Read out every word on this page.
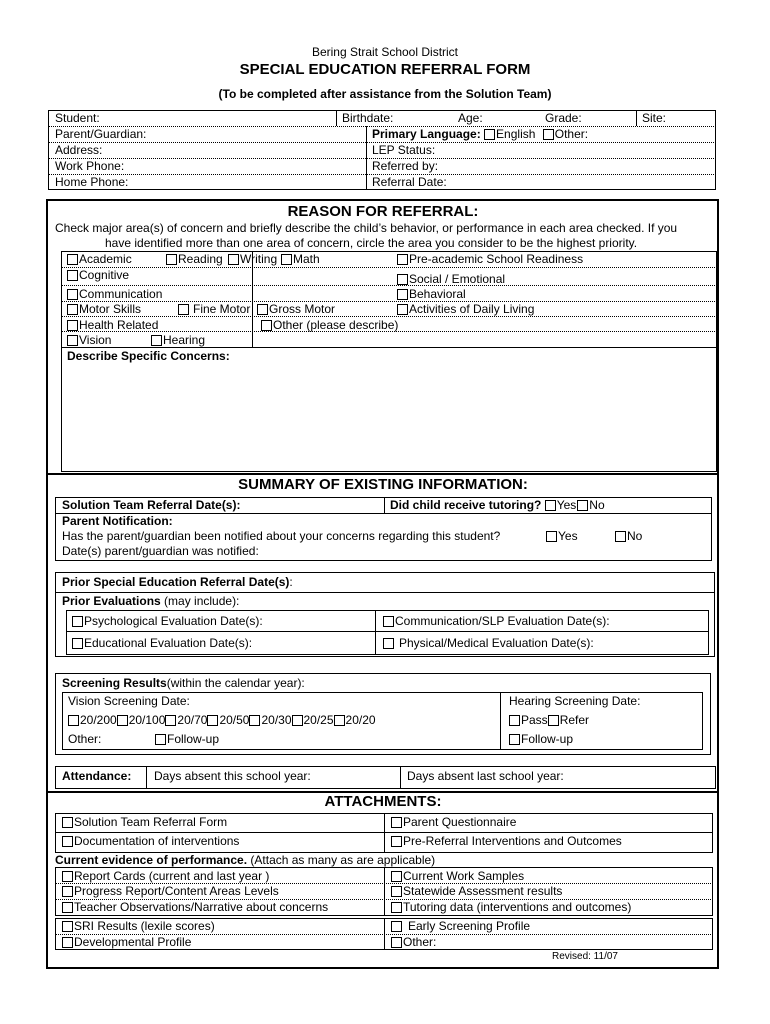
Bering Strait School District
SPECIAL EDUCATION REFERRAL FORM
(To be completed after assistance from the Solution Team)
Student:	Birthdate:	Age:	Grade:	Site:
Parent/Guardian:	Primary Language: English Other:
Address:	LEP Status:
Work Phone:	Referred by:
Home Phone:	Referral Date:
REASON FOR REFERRAL:
Check major area(s) of concern and briefly describe the child’s behavior, or performance in each area checked. If you
have identified more than one area of concern, circle the area you consider to be the highest priority.
Academic	Reading	Writing	Math	Pre-academic School Readiness
Cognitive	Social / Emotional
Communication	Behavioral
Motor Skills	Fine Motor	Gross Motor	Activities of Daily Living
Health Related	Other (please describe)
Vision	Hearing
Describe Specific Concerns:
SUMMARY OF EXISTING INFORMATION:
Solution Team Referral Date(s):	Did child receive tutoring? Yes No
Parent Notification:
Has the parent/guardian been notified about your concerns regarding this student?	Yes	No
Date(s) parent/guardian was notified:
Prior Special Education Referral Date(s):
Prior Evaluations (may include):
Psychological Evaluation Date(s):	Communication/SLP Evaluation Date(s):
Educational Evaluation Date(s):	Physical/Medical Evaluation Date(s):
Screening Results(within the calendar year):
Vision Screening Date:	Hearing Screening Date:
20/200 20/100 20/70 20/50 20/30 20/25 20/20	Pass Refer
Other:	Follow-up	Follow-up
Attendance: Days absent this school year:	Days absent last school year:
ATTACHMENTS:
Solution Team Referral Form	Parent Questionnaire
Documentation of interventions	Pre-Referral Interventions and Outcomes
Current evidence of performance. (Attach as many as are applicable)
Report Cards (current and last year )	Current Work Samples
Progress Report/Content Areas Levels	Statewide Assessment results
Teacher Observations/Narrative about concerns	Tutoring data (interventions and outcomes)
SRI Results (lexile scores)	Early Screening Profile
Developmental Profile	Other:
Revised: 11/07
